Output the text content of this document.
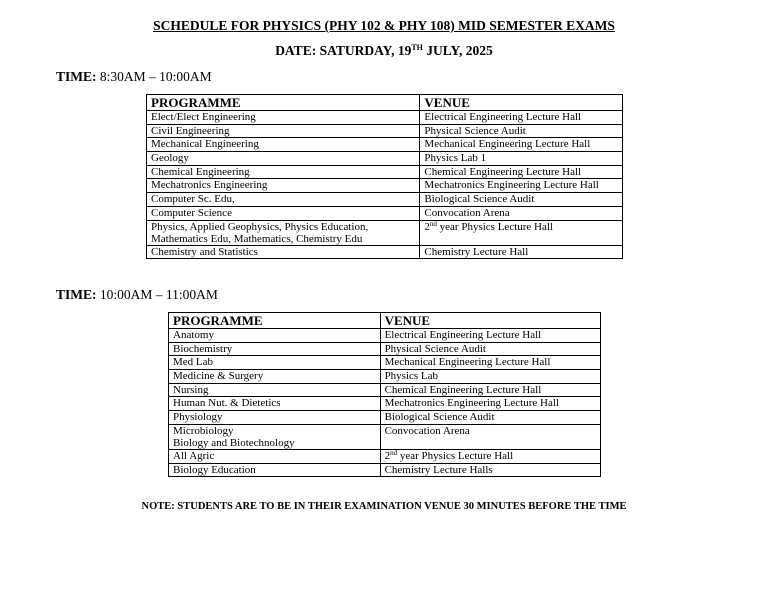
SCHEDULE FOR PHYSICS (PHY 102 & PHY 108) MID SEMESTER EXAMS
DATE: SATURDAY, 19TH JULY, 2025
TIME: 8:30AM – 10:00AM
PROGRAMME	VENUE
Elect/Elect Engineering	Electrical Engineering Lecture Hall
Civil Engineering	Physical Science Audit
Mechanical Engineering	Mechanical Engineering Lecture Hall
Geology	Physics Lab 1
Chemical Engineering	Chemical Engineering Lecture Hall
Mechatronics Engineering	Mechatronics Engineering Lecture Hall
Computer Sc. Edu,	Biological Science Audit
Computer Science	Convocation Arena
Physics, Applied Geophysics, Physics Education,
Mathematics Edu, Mathematics, Chemistry Edu	2nd year Physics Lecture Hall
Chemistry and Statistics	Chemistry Lecture Hall
TIME: 10:00AM – 11:00AM
PROGRAMME	VENUE
Anatomy	Electrical Engineering Lecture Hall
Biochemistry	Physical Science Audit
Med Lab	Mechanical Engineering Lecture Hall
Medicine & Surgery	Physics Lab
Nursing	Chemical Engineering Lecture Hall
Human Nut. & Dietetics	Mechatronics Engineering Lecture Hall
Physiology	Biological Science Audit
Microbiology
Biology and Biotechnology	Convocation Arena
All Agric	2nd year Physics Lecture Hall
Biology Education	Chemistry Lecture Halls
NOTE: STUDENTS ARE TO BE IN THEIR EXAMINATION VENUE 30 MINUTES BEFORE THE TIME
